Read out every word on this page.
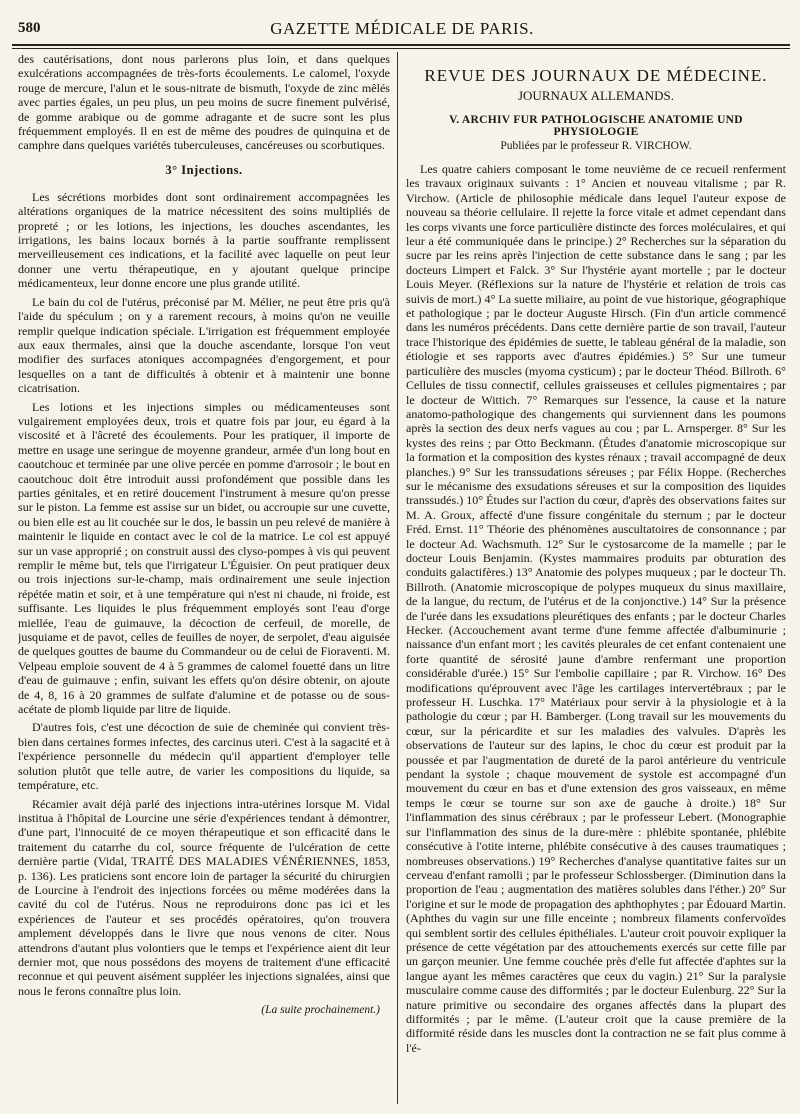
580	GAZETTE MÉDICALE DE PARIS.

des cautérisations, dont nous parlerons plus loin, et dans quelques exulcérations accompagnées de très-forts écoulements. Le calomel, l'oxyde rouge de mercure, l'alun et le sous-nitrate de bismuth, l'oxyde de zinc mêlés avec parties égales, un peu plus, un peu moins de sucre finement pulvérisé, de gomme arabique ou de gomme adragante et de sucre sont les plus fréquemment employés. Il en est de même des poudres de quinquina et de camphre dans quelques variétés tuberculeuses, cancéreuses ou scorbutiques.

3° Injections.

Les sécrétions morbides dont sont ordinairement accompagnées les altérations organiques de la matrice nécessitent des soins multipliés de propreté ; or les lotions, les injections, les douches ascendantes, les irrigations, les bains locaux bornés à la partie souffrante remplissent merveilleusement ces indications, et la facilité avec laquelle on peut leur donner une vertu thérapeutique, en y ajoutant quelque principe médicamenteux, leur donne encore une plus grande utilité.

Le bain du col de l'utérus, préconisé par M. Mélier, ne peut être pris qu'à l'aide du spéculum ; on y a rarement recours, à moins qu'on ne veuille remplir quelque indication spéciale. L'irrigation est fréquemment employée aux eaux thermales, ainsi que la douche ascendante, lorsque l'on veut modifier des surfaces atoniques accompagnées d'engorgement, et pour lesquelles on a tant de difficultés à obtenir et à maintenir une bonne cicatrisation.

Les lotions et les injections simples ou médicamenteuses sont vulgairement employées deux, trois et quatre fois par jour, eu égard à la viscosité et à l'âcreté des écoulements. Pour les pratiquer, il importe de mettre en usage une seringue de moyenne grandeur, armée d'un long bout en caoutchouc et terminée par une olive percée en pomme d'arrosoir ; le bout en caoutchouc doit être introduit aussi profondément que possible dans les parties génitales, et en retiré doucement l'instrument à mesure qu'on presse sur le piston. La femme est assise sur un bidet, ou accroupie sur une cuvette, ou bien elle est au lit couchée sur le dos, le bassin un peu relevé de manière à maintenir le liquide en contact avec le col de la matrice. Le col est appuyé sur un vase approprié ; on construit aussi des clyso-pompes à vis qui peuvent remplir le même but, tels que l'irrigateur L'Éguisier. On peut pratiquer deux ou trois injections sur-le-champ, mais ordinairement une seule injection répétée matin et soir, et à une température qui n'est ni chaude, ni froide, est suffisante. Les liquides le plus fréquemment employés sont l'eau d'orge miellée, l'eau de guimauve, la décoction de cerfeuil, de morelle, de jusquiame et de pavot, celles de feuilles de noyer, de serpolet, d'eau aiguisée de quelques gouttes de baume du Commandeur ou de celui de Fioraventi. M. Velpeau emploie souvent de 4 à 5 grammes de calomel fouetté dans un litre d'eau de guimauve ; enfin, suivant les effets qu'on désire obtenir, on ajoute de 4, 8, 16 à 20 grammes de sulfate d'alumine et de potasse ou de sous-acétate de plomb liquide par litre de liquide.

D'autres fois, c'est une décoction de suie de cheminée qui convient très-bien dans certaines formes infectes, des carcinus uteri. C'est à la sagacité et à l'expérience personnelle du médecin qu'il appartient d'employer telle solution plutôt que telle autre, de varier les compositions du liquide, sa température, etc.

Récamier avait déjà parlé des injections intra-utérines lorsque M. Vidal institua à l'hôpital de Lourcine une série d'expériences tendant à démontrer, d'une part, l'innocuité de ce moyen thérapeutique et son efficacité dans le traitement du catarrhe du col, source fréquente de l'ulcération de cette dernière partie (Vidal, TRAITÉ DES MALADIES VÉNÉRIENNES, 1853, p. 136). Les praticiens sont encore loin de partager la sécurité du chirurgien de Lourcine à l'endroit des injections forcées ou même modérées dans la cavité du col de l'utérus. Nous ne reproduirons donc pas ici et les expériences de l'auteur et ses procédés opératoires, qu'on trouvera amplement développés dans le livre que nous venons de citer. Nous attendrons d'autant plus volontiers que le temps et l'expérience aient dit leur dernier mot, que nous possédons des moyens de traitement d'une efficacité reconnue et qui peuvent aisément suppléer les injections signalées, ainsi que nous le ferons connaître plus loin.

(La suite prochainement.)
REVUE DES JOURNAUX DE MÉDECINE.
JOURNAUX ALLEMANDS.
V. ARCHIV FUR PATHOLOGISCHE ANATOMIE UND PHYSIOLOGIE
Publiées par le professeur R. VIRCHOW.

Les quatre cahiers composant le tome neuvième de ce recueil renferment les travaux originaux suivants : 1° Ancien et nouveau vitalisme ; par R. Virchow. (Article de philosophie médicale dans lequel l'auteur expose de nouveau sa théorie cellulaire. Il rejette la force vitale et admet cependant dans les corps vivants une force particulière distincte des forces moléculaires, et qui leur a été communiquée dans le principe.) 2° Recherches sur la séparation du sucre par les reins après l'injection de cette substance dans le sang ; par les docteurs Limpert et Falck. 3° Sur l'hystérie ayant mortelle ; par le docteur Louis Meyer. (Réflexions sur la nature de l'hystérie et relation de trois cas suivis de mort.) 4° La suette miliaire, au point de vue historique, géographique et pathologique ; par le docteur Auguste Hirsch. (Fin d'un article commencé dans les numéros précédents. Dans cette dernière partie de son travail, l'auteur trace l'historique des épidémies de suette, le tableau général de la maladie, son étiologie et ses rapports avec d'autres épidémies.) 5° Sur une tumeur particulière des muscles (myoma cysticum) ; par le docteur Théod. Billroth. 6° Cellules de tissu connectif, cellules graisseuses et cellules pigmentaires ; par le docteur de Wittich. 7° Remarques sur l'essence, la cause et la nature anatomo-pathologique des changements qui surviennent dans les poumons après la section des deux nerfs vagues au cou ; par L. Arnsperger. 8° Sur les kystes des reins ; par Otto Beckmann. (Études d'anatomie microscopique sur la formation et la composition des kystes rénaux ; travail accompagné de deux planches.) 9° Sur les transsudations séreuses ; par Félix Hoppe. (Recherches sur le mécanisme des exsudations séreuses et sur la composition des liquides transsudés.) 10° Études sur l'action du cœur, d'après des observations faites sur M. A. Groux, affecté d'une fissure congénitale du sternum ; par le docteur Fréd. Ernst. 11° Théorie des phénomènes auscultatoires de consonnance ; par le docteur Ad. Wachsmuth. 12° Sur le cystosarcome de la mamelle ; par le docteur Louis Benjamin. (Kystes mammaires produits par obturation des conduits galactifères.) 13° Anatomie des polypes muqueux ; par le docteur Th. Billroth. (Anatomie microscopique de polypes muqueux du sinus maxillaire, de la langue, du rectum, de l'utérus et de la conjonctive.) 14° Sur la présence de l'urée dans les exsudations pleurétiques des enfants ; par le docteur Charles Hecker. (Accouchement avant terme d'une femme affectée d'albuminurie ; naissance d'un enfant mort ; les cavités pleurales de cet enfant contenaient une forte quantité de sérosité jaune d'ambre renfermant une proportion considérable d'urée.) 15° Sur l'embolie capillaire ; par R. Virchow. 16° Des modifications qu'éprouvent avec l'âge les cartilages intervertébraux ; par le professeur H. Luschka. 17° Matériaux pour servir à la physiologie et à la pathologie du cœur ; par H. Bamberger. (Long travail sur les mouvements du cœur, sur la péricardite et sur les maladies des valvules. D'après les observations de l'auteur sur des lapins, le choc du cœur est produit par la poussée et par l'augmentation de dureté de la paroi antérieure du ventricule pendant la systole ; chaque mouvement de systole est accompagné d'un mouvement du cœur en bas et d'une extension des gros vaisseaux, en même temps le cœur se tourne sur son axe de gauche à droite.) 18° Sur l'inflammation des sinus cérébraux ; par le professeur Lebert. (Monographie sur l'inflammation des sinus de la dure-mère : phlébite spontanée, phlébite consécutive à l'otite interne, phlébite consécutive à des causes traumatiques ; nombreuses observations.) 19° Recherches d'analyse quantitative faites sur un cerveau d'enfant ramolli ; par le professeur Schlossberger. (Diminution dans la proportion de l'eau ; augmentation des matières solubles dans l'éther.) 20° Sur l'origine et sur le mode de propagation des aphthophytes ; par Édouard Martin. (Aphthes du vagin sur une fille enceinte ; nombreux filaments confervoïdes qui semblent sortir des cellules épithéliales. L'auteur croit pouvoir expliquer la présence de cette végétation par des attouchements exercés sur cette fille par un garçon meunier. Une femme couchée près d'elle fut affectée d'aphtes sur la langue ayant les mêmes caractères que ceux du vagin.) 21° Sur la paralysie musculaire comme cause des difformités ; par le docteur Eulenburg. 22° Sur la nature primitive ou secondaire des organes affectés dans la plupart des difformités ; par le même. (L'auteur croit que la cause première de la difformité réside dans les muscles dont la contraction ne se fait plus comme à l'é-
